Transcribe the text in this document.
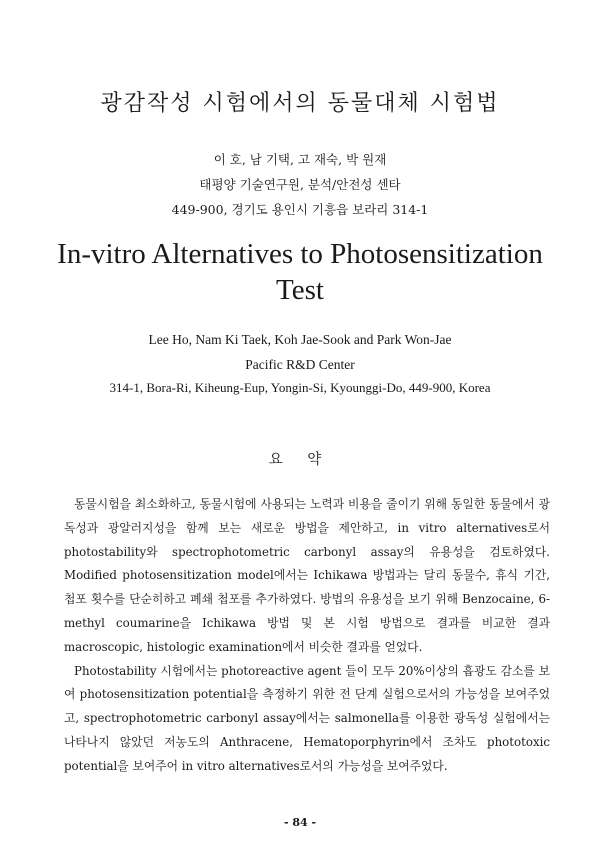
광감작성 시험에서의 동물대체 시험법
이 호, 남 기택, 고 재숙, 박 원재
태평양 기술연구원, 분석/안전성 센타
449-900, 경기도 용인시 기흥읍 보라리 314-1
In-vitro Alternatives to Photosensitization Test
Lee Ho, Nam Ki Taek, Koh Jae-Sook and Park Won-Jae
Pacific R&D Center
314-1, Bora-Ri, Kiheung-Eup, Yongin-Si, Kyounggi-Do, 449-900, Korea
요 약

동물시험을 최소화하고, 동물시험에 사용되는 노력과 비용을 줄이기 위해 동일한 동물에서 광독성과 광알러지성을 함께 보는 새로운 방법을 제안하고, in vitro alternatives로서 photostability와 spectrophotometric carbonyl assay의 유용성을 검토하였다. Modified photosensitization model에서는 Ichikawa 방법과는 달리 동물수, 휴식 기간, 첩포 횟수를 단순히하고 폐쇄 첩포를 추가하였다. 방법의 유용성을 보기 위해 Benzocaine, 6-methyl coumarine을 Ichikawa 방법 및 본 시험 방법으로 결과를 비교한 결과 macroscopic, histologic examination에서 비슷한 결과를 얻었다.

Photostability 시험에서는 photoreactive agent 들이 모두 20%이상의 흡광도 감소를 보여 photosensitization potential을 측정하기 위한 전 단계 실험으로서의 가능성을 보여주었고, spectrophotometric carbonyl assay에서는 salmonella를 이용한 광독성 실험에서는 나타나지 않았던 저농도의 Anthracene, Hematoporphyrin에서 조차도 phototoxic potential을 보여주어 in vitro alternatives로서의 가능성을 보여주었다.

- 84 -
